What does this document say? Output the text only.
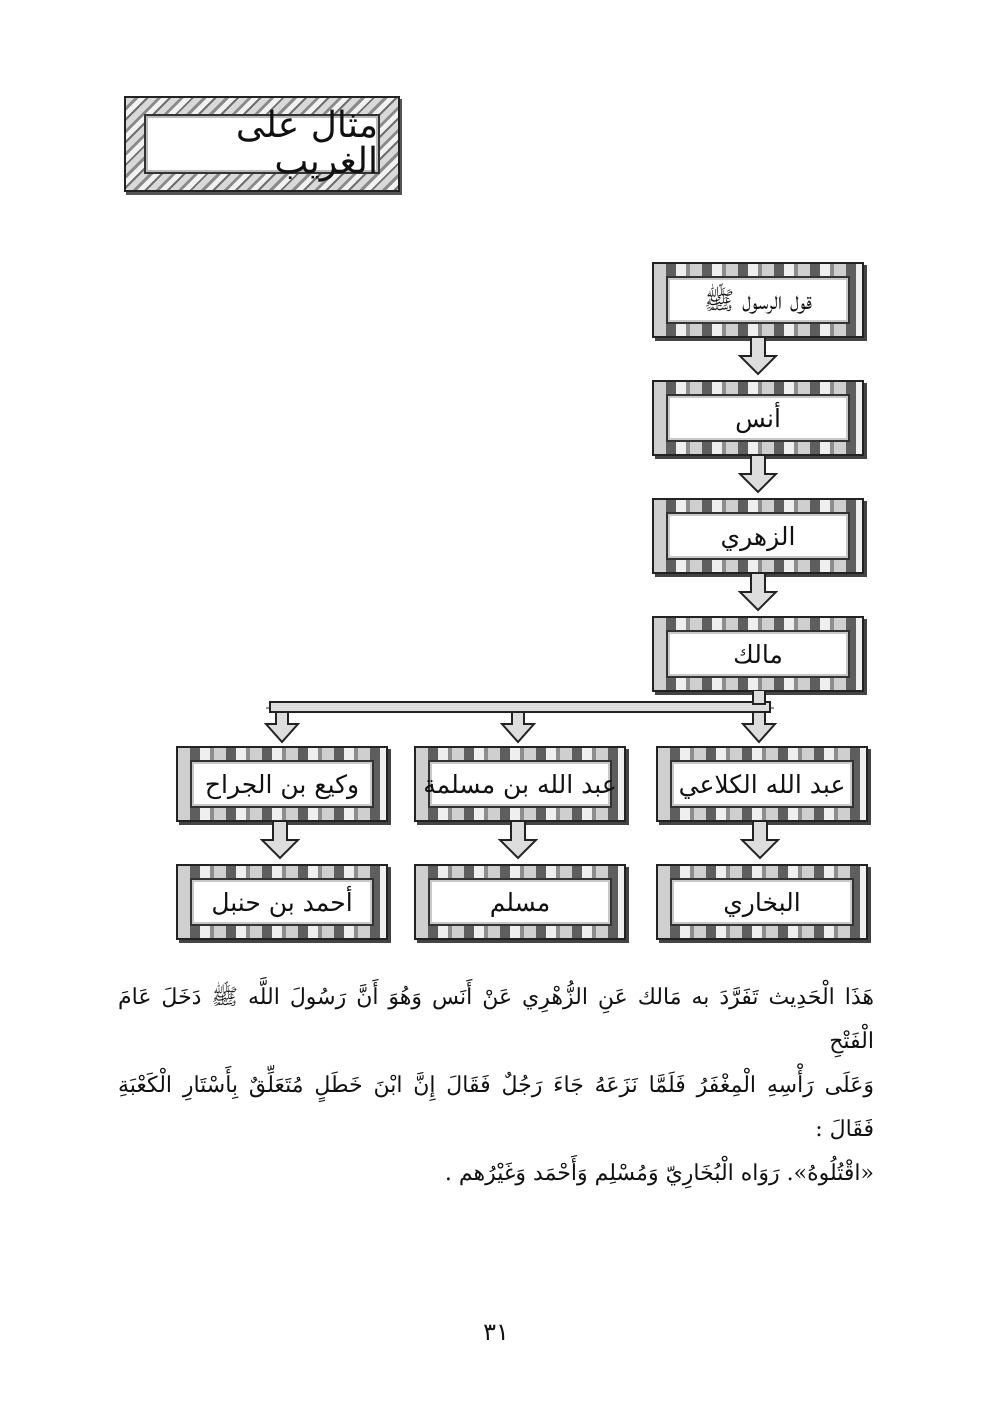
مثال على الغريب
قول الرسول ﷺ
أنس
الزهري
مالك
عبد الله الكلاعي
عبد الله بن مسلمة
وكيع بن الجراح
البخاري
مسلم
أحمد بن حنبل

هَذَا الْحَدِيث تَفَرَّدَ به مَالك عَنِ الزُّهْرِي عَنْ أَنَس وَهُوَ أَنَّ رَسُولَ اللَّه ﷺ دَخَلَ عَامَ الْفَتْحِ

وَعَلَى رَأْسِهِ الْمِغْفَرُ فَلَمَّا نَزَعَهُ جَاءَ رَجُلٌ فَقَالَ إِنَّ ابْنَ خَطَلٍ مُتَعَلِّقٌ بِأَسْتَارِ الْكَعْبَةِ فَقَالَ :

«اقْتُلُوهُ». رَوَاه الْبُخَارِيّ وَمُسْلِم وَأَحْمَد وَغَيْرُهم .

٣١
